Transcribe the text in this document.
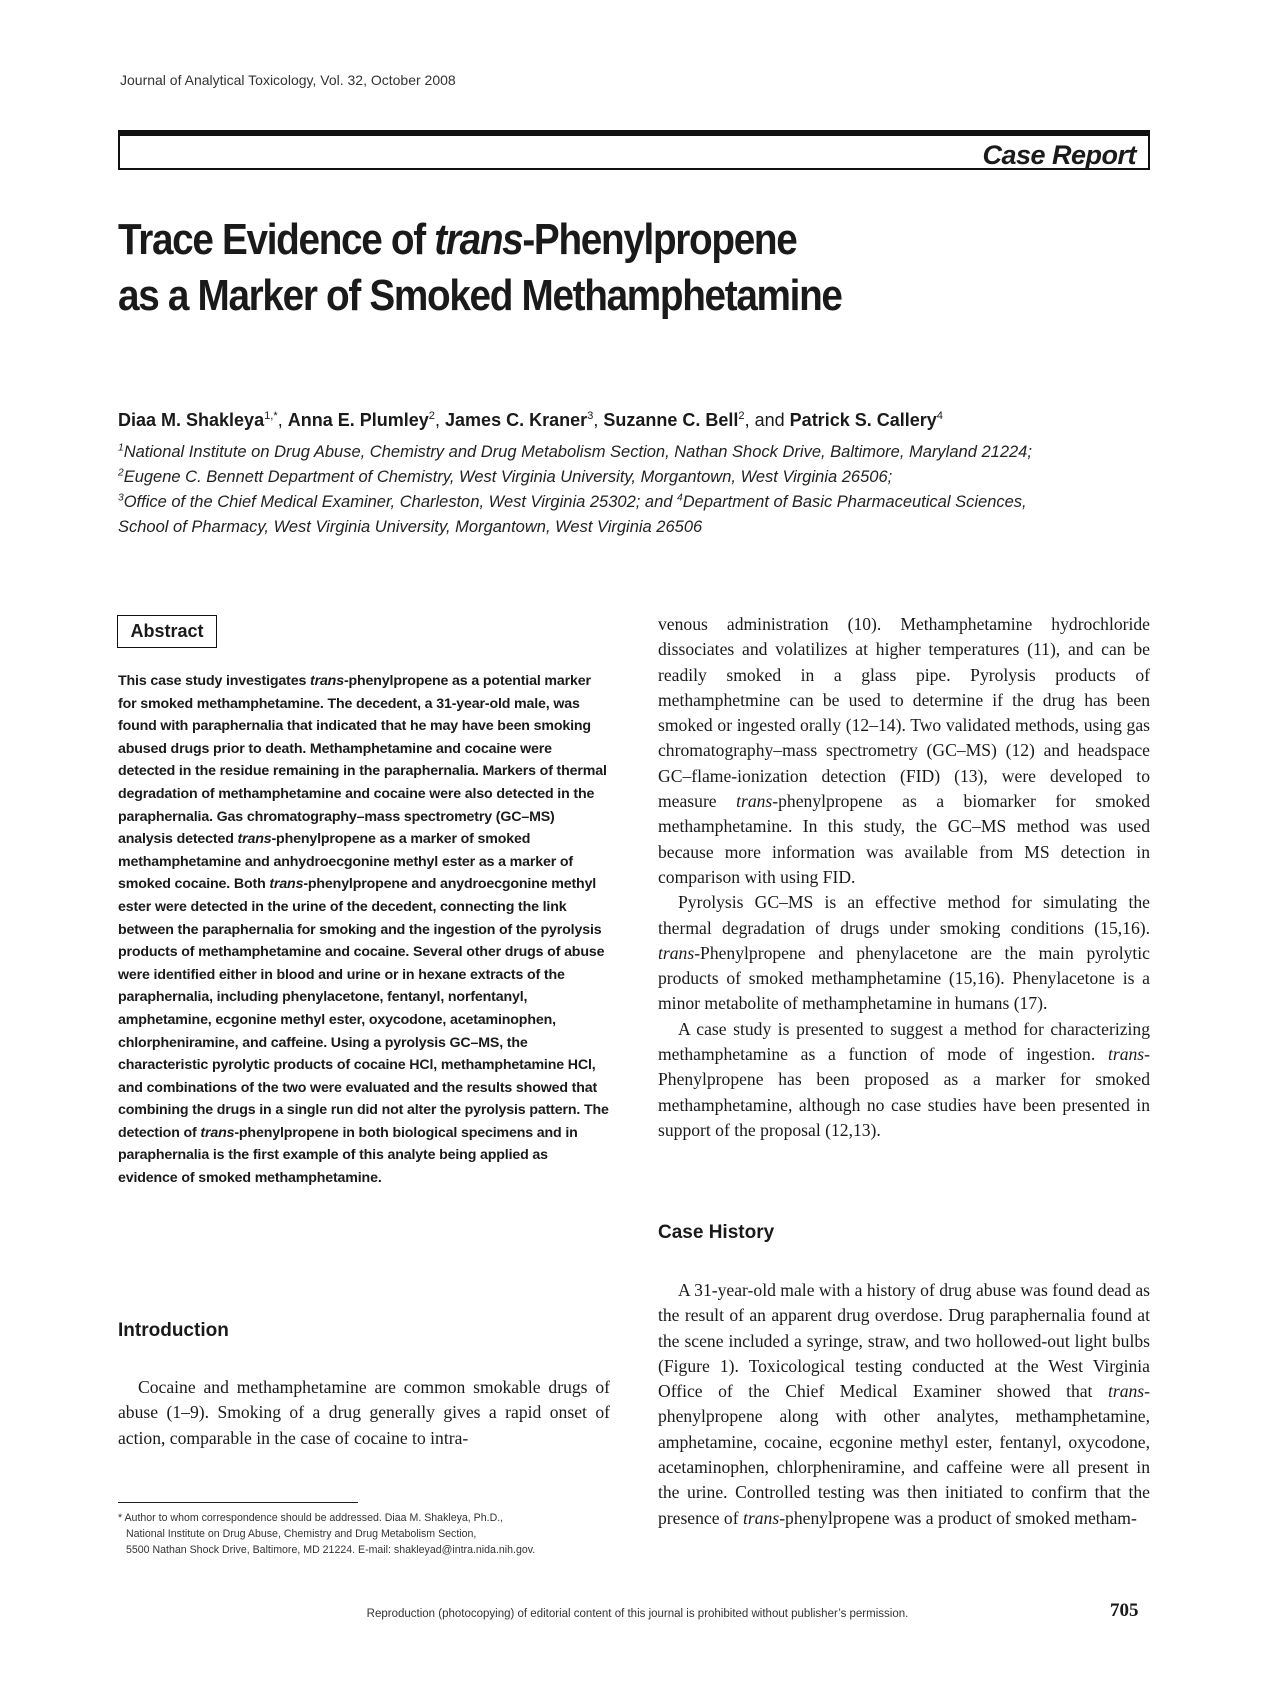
Journal of Analytical Toxicology, Vol. 32, October 2008
Case Report
Trace Evidence of trans-Phenylpropene
as a Marker of Smoked Methamphetamine
Diaa M. Shakleya$^{1,*}$, Anna E. Plumley$^2$, James C. Kraner$^3$, Suzanne C. Bell$^2$, and Patrick S. Callery$^4$
$^1$National Institute on Drug Abuse, Chemistry and Drug Metabolism Section, Nathan Shock Drive, Baltimore, Maryland 21224;
$^2$Eugene C. Bennett Department of Chemistry, West Virginia University, Morgantown, West Virginia 26506;
$^3$Office of the Chief Medical Examiner, Charleston, West Virginia 25302; and $^4$Department of Basic Pharmaceutical Sciences,
School of Pharmacy, West Virginia University, Morgantown, West Virginia 26506
Abstract
This case study investigates trans-phenylpropene as a potential marker for smoked methamphetamine. The decedent, a 31-year-old male, was found with paraphernalia that indicated that he may have been smoking abused drugs prior to death. Methamphetamine and cocaine were detected in the residue remaining in the paraphernalia. Markers of thermal degradation of methamphetamine and cocaine were also detected in the paraphernalia. Gas chromatography–mass spectrometry (GC–MS) analysis detected trans-phenylpropene as a marker of smoked methamphetamine and anhydroecgonine methyl ester as a marker of smoked cocaine. Both trans-phenylpropene and anydroecgonine methyl ester were detected in the urine of the decedent, connecting the link between the paraphernalia for smoking and the ingestion of the pyrolysis products of methamphetamine and cocaine. Several other drugs of abuse were identified either in blood and urine or in hexane extracts of the paraphernalia, including phenylacetone, fentanyl, norfentanyl, amphetamine, ecgonine methyl ester, oxycodone, acetaminophen, chlorpheniramine, and caffeine. Using a pyrolysis GC–MS, the characteristic pyrolytic products of cocaine HCl, methamphetamine HCl, and combinations of the two were evaluated and the results showed that combining the drugs in a single run did not alter the pyrolysis pattern. The detection of trans-phenylpropene in both biological specimens and in paraphernalia is the first example of this analyte being applied as evidence of smoked methamphetamine.
Introduction

Cocaine and methamphetamine are common smokable drugs of abuse (1–9). Smoking of a drug generally gives a rapid onset of action, comparable in the case of cocaine to intra-

venous administration (10). Methamphetamine hydrochloride dissociates and volatilizes at higher temperatures (11), and can be readily smoked in a glass pipe. Pyrolysis products of methamphetmine can be used to determine if the drug has been smoked or ingested orally (12–14). Two validated methods, using gas chromatography–mass spectrometry (GC–MS) (12) and headspace GC–flame-ionization detection (FID) (13), were developed to measure trans-phenylpropene as a biomarker for smoked methamphetamine. In this study, the GC–MS method was used because more information was available from MS detection in comparison with using FID.

Pyrolysis GC–MS is an effective method for simulating the thermal degradation of drugs under smoking conditions (15,16). trans-Phenylpropene and phenylacetone are the main pyrolytic products of smoked methamphetamine (15,16). Phenylacetone is a minor metabolite of methamphetamine in humans (17).

A case study is presented to suggest a method for characterizing methamphetamine as a function of mode of ingestion. trans-Phenylpropene has been proposed as a marker for smoked methamphetamine, although no case studies have been presented in support of the proposal (12,13).

Case History

A 31-year-old male with a history of drug abuse was found dead as the result of an apparent drug overdose. Drug paraphernalia found at the scene included a syringe, straw, and two hollowed-out light bulbs (Figure 1). Toxicological testing conducted at the West Virginia Office of the Chief Medical Examiner showed that trans-phenylpropene along with other analytes, methamphetamine, amphetamine, cocaine, ecgonine methyl ester, fentanyl, oxycodone, acetaminophen, chlorpheniramine, and caffeine were all present in the urine. Controlled testing was then initiated to confirm that the presence of trans-phenylpropene was a product of smoked metham-

* Author to whom correspondence should be addressed. Diaa M. Shakleya, Ph.D.,
National Institute on Drug Abuse, Chemistry and Drug Metabolism Section,
5500 Nathan Shock Drive, Baltimore, MD 21224. E-mail: shakleyad@intra.nida.nih.gov.
Reproduction (photocopying) of editorial content of this journal is prohibited without publisher’s permission.	705
